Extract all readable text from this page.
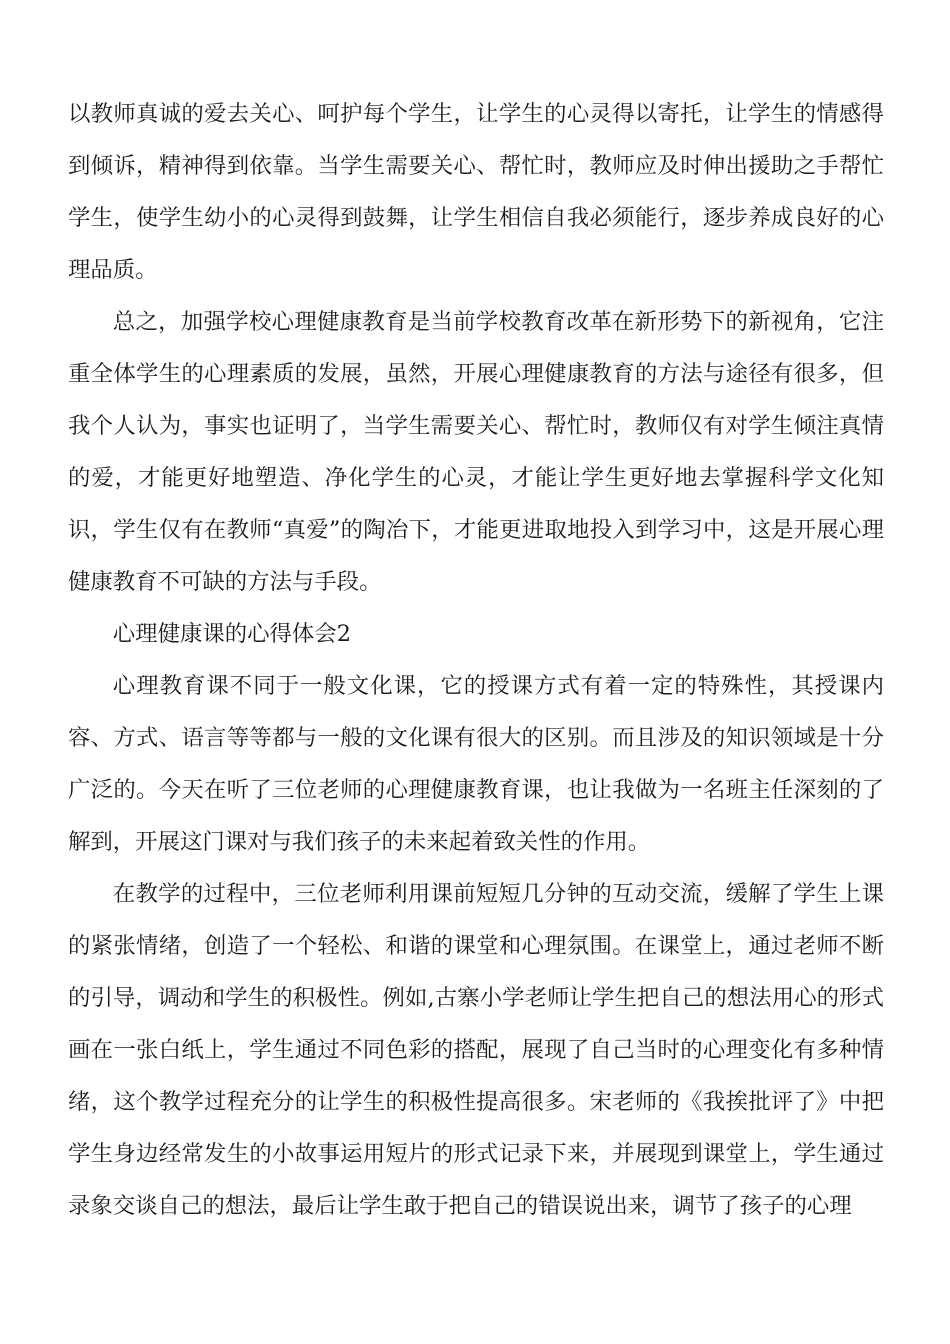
以教师真诚的爱去关心、呵护每个学生，让学生的心灵得以寄托，让学生的情感得到倾诉，精神得到依靠。当学生需要关心、帮忙时，教师应及时伸出援助之手帮忙学生，使学生幼小的心灵得到鼓舞，让学生相信自我必须能行，逐步养成良好的心理品质。

总之，加强学校心理健康教育是当前学校教育改革在新形势下的新视角，它注重全体学生的心理素质的发展，虽然，开展心理健康教育的方法与途径有很多，但我个人认为，事实也证明了，当学生需要关心、帮忙时，教师仅有对学生倾注真情的爱，才能更好地塑造、净化学生的心灵，才能让学生更好地去掌握科学文化知识，学生仅有在教师“真爱”的陶冶下，才能更进取地投入到学习中，这是开展心理健康教育不可缺的方法与手段。

心理健康课的心得体会2

心理教育课不同于一般文化课，它的授课方式有着一定的特殊性，其授课内容、方式、语言等等都与一般的文化课有很大的区别。而且涉及的知识领域是十分广泛的。今天在听了三位老师的心理健康教育课，也让我做为一名班主任深刻的了解到，开展这门课对与我们孩子的未来起着致关性的作用。

在教学的过程中，三位老师利用课前短短几分钟的互动交流，缓解了学生上课的紧张情绪，创造了一个轻松、和谐的课堂和心理氛围。在课堂上，通过老师不断的引导，调动和学生的积极性。例如,古寨小学老师让学生把自己的想法用心的形式画在一张白纸上，学生通过不同色彩的搭配，展现了自己当时的心理变化有多种情绪，这个教学过程充分的让学生的积极性提高很多。宋老师的《我挨批评了》中把学生身边经常发生的小故事运用短片的形式记录下来，并展现到课堂上，学生通过录象交谈自己的想法，最后让学生敢于把自己的错误说出来，调节了孩子的心理
